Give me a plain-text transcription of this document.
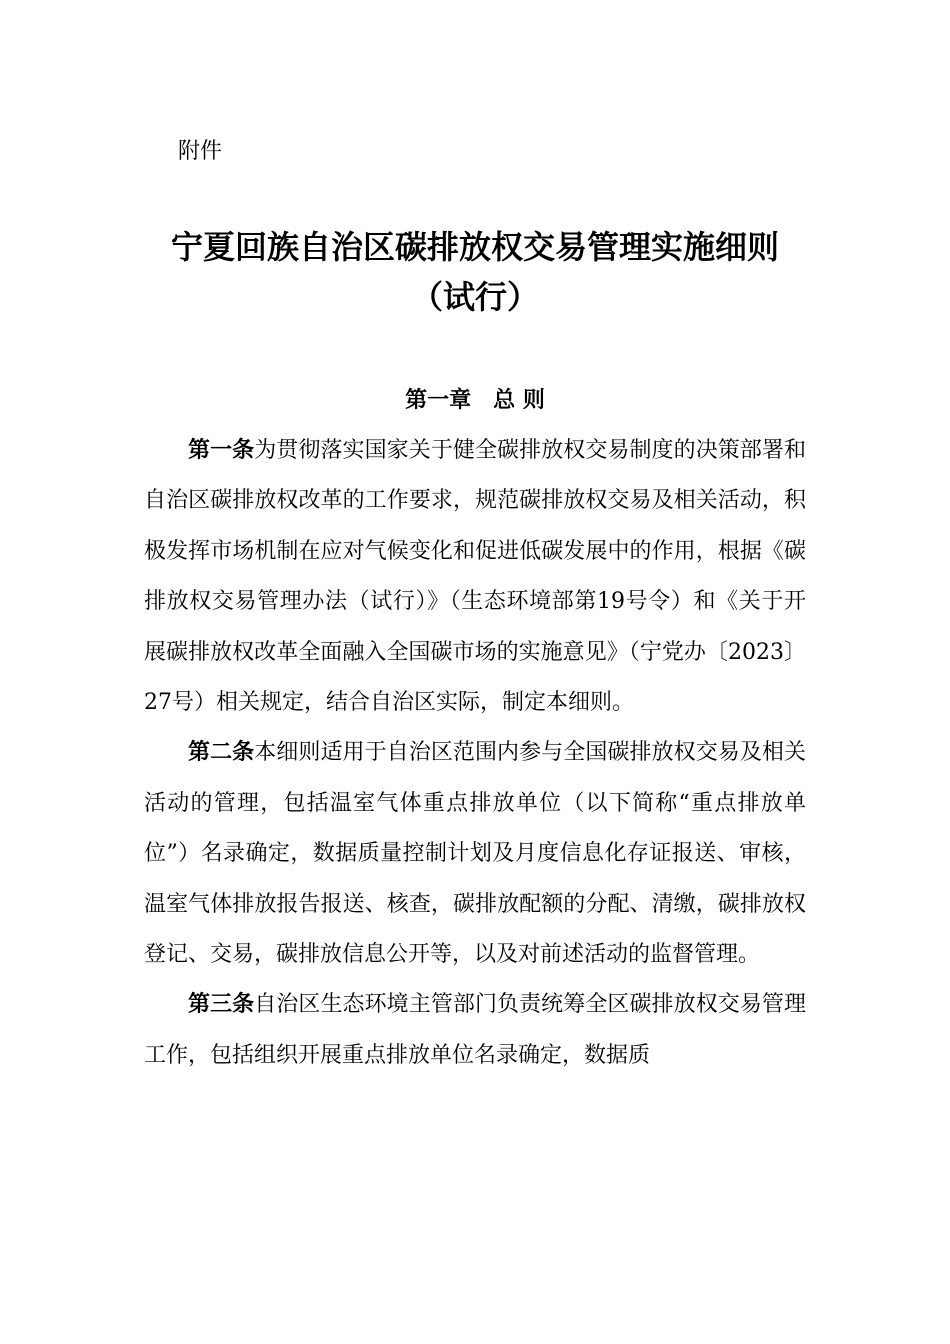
附件

宁夏回族自治区碳排放权交易管理实施细则
（试行）
第一章　总 则

第一条为贯彻落实国家关于健全碳排放权交易制度的决策部署和自治区碳排放权改革的工作要求，规范碳排放权交易及相关活动，积极发挥市场机制在应对气候变化和促进低碳发展中的作用，根据《碳排放权交易管理办法（试行）》（生态环境部第19号令）和《关于开展碳排放权改革全面融入全国碳市场的实施意见》（宁党办〔2023〕27号）相关规定，结合自治区实际，制定本细则。

第二条本细则适用于自治区范围内参与全国碳排放权交易及相关活动的管理，包括温室气体重点排放单位（以下简称“重点排放单位”）名录确定，数据质量控制计划及月度信息化存证报送、审核，温室气体排放报告报送、核查，碳排放配额的分配、清缴，碳排放权登记、交易，碳排放信息公开等，以及对前述活动的监督管理。

第三条自治区生态环境主管部门负责统筹全区碳排放权交易管理工作，包括组织开展重点排放单位名录确定，数据质
